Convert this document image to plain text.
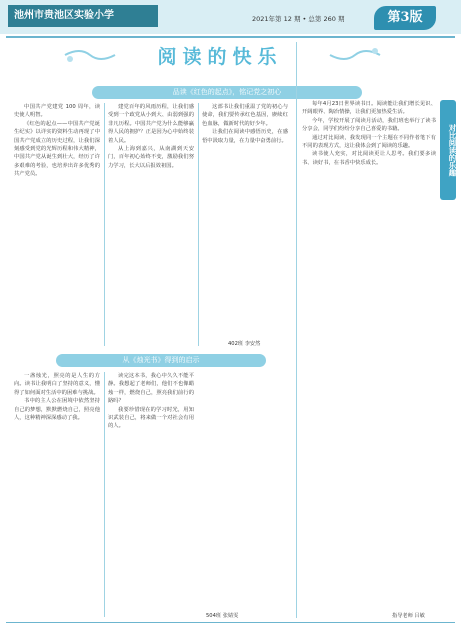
池州市贵池区实验小学	2021年第 12 期 • 总第 260 期	第3版
阅读的快乐
品读《红色的起点》，铭记党之初心

中国共产党建党 100 周年，读史使人明智。

《红色的起点——中国共产党诞生纪实》以详实的资料生动再现了中国共产党成立的历史过程，让我们深刻感受到党的光辉历程和伟大精神，中国共产党从诞生到壮大，经历了许多艰难的考验，也培养出许多优秀的共产党员。

建党百年的风雨历程，让我们感受到一个政党从小到大、由弱到强的非凡历程。中国共产党为什么能够赢得人民的拥护？正是因为心中始终装着人民。

从上海到嘉兴，从南湖到天安门，百年初心始终不变，激励我们努力学习，长大以后报效祖国。

这部书让我们重温了党的初心与使命，我们要传承红色基因，赓续红色血脉，做新时代的好少年。

让我们在阅读中感悟历史，在感悟中汲取力量，在力量中奋勇前行。

402班 李安然
从《烛光书》得到的启示

一盏烛光，照亮的是人生的方向。读书让我明白了坚持的意义，懂得了如何面对生活中的困难与挑战。

书中的主人公在困境中依然坚持自己的梦想，默默燃烧自己，照亮他人，这种精神深深感动了我。

读完这本书，我心中久久不能平静。我想起了老师们，他们不也像蜡烛一样，燃烧自己，照亮我们前行的路吗？

我要珍惜现在的学习时光，用知识武装自己，将来做一个对社会有用的人。

504班 张婧雯

每年4月23日世界读书日。阅读能让我们增长见识、开阔眼界、陶冶情操，让我们更加热爱生活。

今年，学校开展了阅读月活动，我们班也举行了读书分享会，同学们纷纷分享自己喜爱的书籍。

通过对比阅读，我发现同一个主题在不同作者笔下有不同的表现方式，这让我体会到了阅读的乐趣。

读书使人充实，对比阅读更让人思考。我们要多读书、读好书，在书香中快乐成长。

指导老师 吕敏
对比阅读的乐趣
